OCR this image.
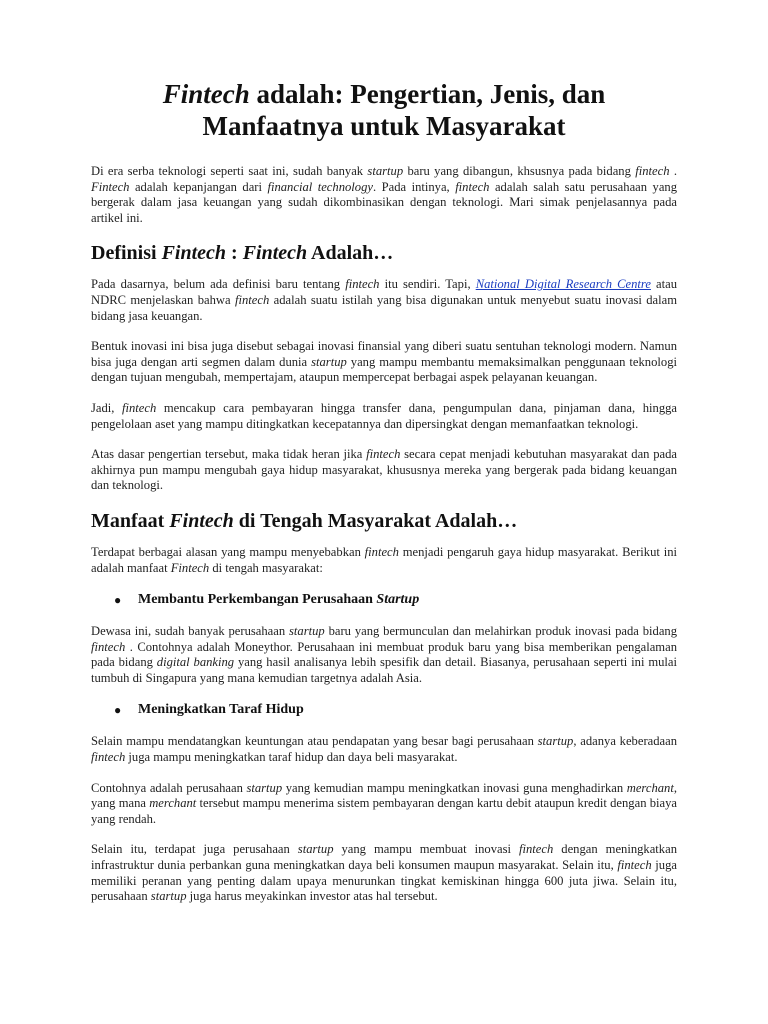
Fintech adalah: Pengertian, Jenis, dan Manfaatnya untuk Masyarakat

Di era serba teknologi seperti saat ini, sudah banyak startup baru yang dibangun, khsusnya pada bidang fintech . Fintech adalah kepanjangan dari financial technology. Pada intinya, fintech adalah salah satu perusahaan yang bergerak dalam jasa keuangan yang sudah dikombinasikan dengan teknologi. Mari simak penjelasannya pada artikel ini.

Definisi Fintech : Fintech Adalah…

Pada dasarnya, belum ada definisi baru tentang fintech itu sendiri. Tapi, National Digital Research Centre atau NDRC menjelaskan bahwa fintech adalah suatu istilah yang bisa digunakan untuk menyebut suatu inovasi dalam bidang jasa keuangan.

Bentuk inovasi ini bisa juga disebut sebagai inovasi finansial yang diberi suatu sentuhan teknologi modern. Namun bisa juga dengan arti segmen dalam dunia startup yang mampu membantu memaksimalkan penggunaan teknologi dengan tujuan mengubah, mempertajam, ataupun mempercepat berbagai aspek pelayanan keuangan.

Jadi, fintech mencakup cara pembayaran hingga transfer dana, pengumpulan dana, pinjaman dana, hingga pengelolaan aset yang mampu ditingkatkan kecepatannya dan dipersingkat dengan memanfaatkan teknologi.

Atas dasar pengertian tersebut, maka tidak heran jika fintech secara cepat menjadi kebutuhan masyarakat dan pada akhirnya pun mampu mengubah gaya hidup masyarakat, khususnya mereka yang bergerak pada bidang keuangan dan teknologi.

Manfaat Fintech di Tengah Masyarakat Adalah…

Terdapat berbagai alasan yang mampu menyebabkan fintech menjadi pengaruh gaya hidup masyarakat. Berikut ini adalah manfaat Fintech di tengah masyarakat:

● Membantu Perkembangan Perusahaan Startup

Dewasa ini, sudah banyak perusahaan startup baru yang bermunculan dan melahirkan produk inovasi pada bidang fintech . Contohnya adalah Moneythor. Perusahaan ini membuat produk baru yang bisa memberikan pengalaman pada bidang digital banking yang hasil analisanya lebih spesifik dan detail. Biasanya, perusahaan seperti ini mulai tumbuh di Singapura yang mana kemudian targetnya adalah Asia.

● Meningkatkan Taraf Hidup

Selain mampu mendatangkan keuntungan atau pendapatan yang besar bagi perusahaan startup, adanya keberadaan fintech juga mampu meningkatkan taraf hidup dan daya beli masyarakat.

Contohnya adalah perusahaan startup yang kemudian mampu meningkatkan inovasi guna menghadirkan merchant, yang mana merchant tersebut mampu menerima sistem pembayaran dengan kartu debit ataupun kredit dengan biaya yang rendah.

Selain itu, terdapat juga perusahaan startup yang mampu membuat inovasi fintech dengan meningkatkan infrastruktur dunia perbankan guna meningkatkan daya beli konsumen maupun masyarakat. Selain itu, fintech juga memiliki peranan yang penting dalam upaya menurunkan tingkat kemiskinan hingga 600 juta jiwa. Selain itu, perusahaan startup juga harus meyakinkan investor atas hal tersebut.
